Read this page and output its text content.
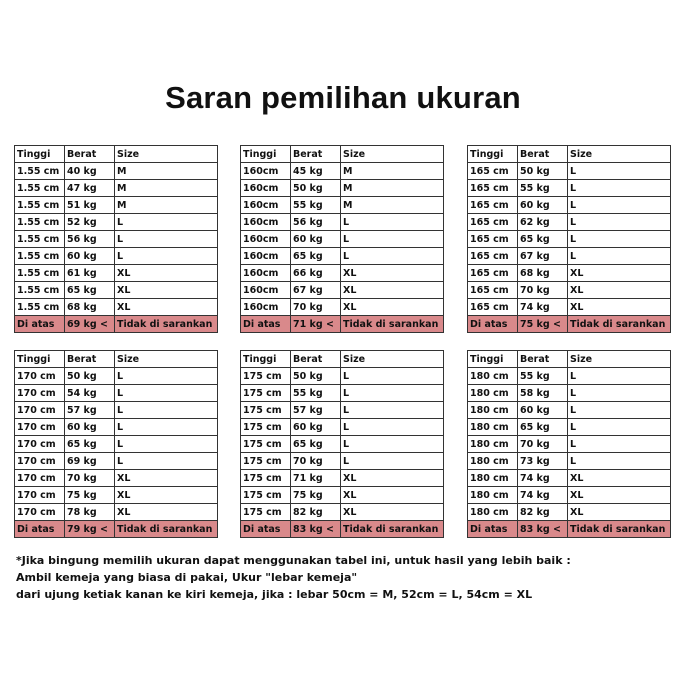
Saran pemilihan ukuran
Tinggi	Berat	Size
1.55 cm	40 kg	M
1.55 cm	47 kg	M
1.55 cm	51 kg	M
1.55 cm	52 kg	L
1.55 cm	56 kg	L
1.55 cm	60 kg	L
1.55 cm	61 kg	XL
1.55 cm	65 kg	XL
1.55 cm	68 kg	XL
Di atas	69 kg <	Tidak di sarankan
Tinggi	Berat	Size
160cm	45 kg	M
160cm	50 kg	M
160cm	55 kg	M
160cm	56 kg	L
160cm	60 kg	L
160cm	65 kg	L
160cm	66 kg	XL
160cm	67 kg	XL
160cm	70 kg	XL
Di atas	71 kg <	Tidak di sarankan
Tinggi	Berat	Size
165 cm	50 kg	L
165 cm	55 kg	L
165 cm	60 kg	L
165 cm	62 kg	L
165 cm	65 kg	L
165 cm	67 kg	L
165 cm	68 kg	XL
165 cm	70 kg	XL
165 cm	74 kg	XL
Di atas	75 kg <	Tidak di sarankan
Tinggi	Berat	Size
170 cm	50 kg	L
170 cm	54 kg	L
170 cm	57 kg	L
170 cm	60 kg	L
170 cm	65 kg	L
170 cm	69 kg	L
170 cm	70 kg	XL
170 cm	75 kg	XL
170 cm	78 kg	XL
Di atas	79 kg <	Tidak di sarankan
Tinggi	Berat	Size
175 cm	50 kg	L
175 cm	55 kg	L
175 cm	57 kg	L
175 cm	60 kg	L
175 cm	65 kg	L
175 cm	70 kg	L
175 cm	71 kg	XL
175 cm	75 kg	XL
175 cm	82 kg	XL
Di atas	83 kg <	Tidak di sarankan
Tinggi	Berat	Size
180 cm	55 kg	L
180 cm	58 kg	L
180 cm	60 kg	L
180 cm	65 kg	L
180 cm	70 kg	L
180 cm	73 kg	L
180 cm	74 kg	XL
180 cm	74 kg	XL
180 cm	82 kg	XL
Di atas	83 kg <	Tidak di sarankan
*Jika bingung memilih ukuran dapat menggunakan tabel ini, untuk hasil yang lebih baik :
Ambil kemeja yang biasa di pakai, Ukur "lebar kemeja"
dari ujung ketiak kanan ke kiri kemeja, jika : lebar 50cm = M, 52cm = L, 54cm = XL
